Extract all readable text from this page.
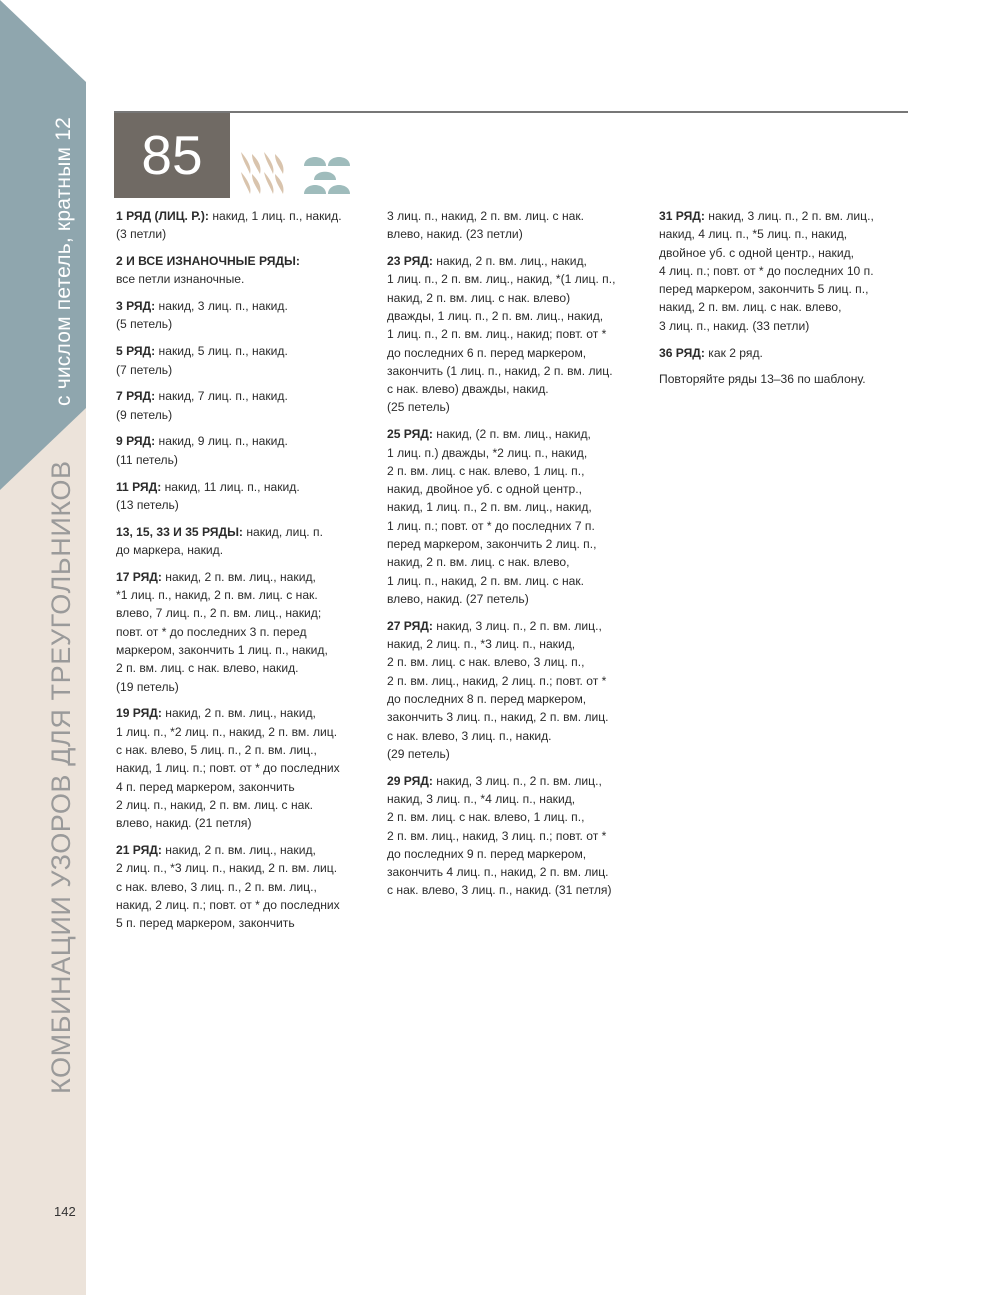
с числом петель, кратным 12
КОМБИНАЦИИ УЗОРОВ ДЛЯ ТРЕУГОЛЬНИКОВ
142
85

1 РЯД (ЛИЦ. Р.): накид, 1 лиц. п., накид.
(3 петли)

2 И ВСЕ ИЗНАНОЧНЫЕ РЯДЫ:
все петли изнаночные.

3 РЯД: накид, 3 лиц. п., накид.
(5 петель)

5 РЯД: накид, 5 лиц. п., накид.
(7 петель)

7 РЯД: накид, 7 лиц. п., накид.
(9 петель)

9 РЯД: накид, 9 лиц. п., накид.
(11 петель)

11 РЯД: накид, 11 лиц. п., накид.
(13 петель)

13, 15, 33 И 35 РЯДЫ: накид, лиц. п.
до маркера, накид.

17 РЯД: накид, 2 п. вм. лиц., накид,
*1 лиц. п., накид, 2 п. вм. лиц. с нак.
влево, 7 лиц. п., 2 п. вм. лиц., накид;
повт. от * до последних 3 п. перед
маркером, закончить 1 лиц. п., накид,
2 п. вм. лиц. с нак. влево, накид.
(19 петель)

19 РЯД: накид, 2 п. вм. лиц., накид,
1 лиц. п., *2 лиц. п., накид, 2 п. вм. лиц.
с нак. влево, 5 лиц. п., 2 п. вм. лиц.,
накид, 1 лиц. п.; повт. от * до последних
4 п. перед маркером, закончить
2 лиц. п., накид, 2 п. вм. лиц. с нак.
влево, накид. (21 петля)

21 РЯД: накид, 2 п. вм. лиц., накид,
2 лиц. п., *3 лиц. п., накид, 2 п. вм. лиц.
с нак. влево, 3 лиц. п., 2 п. вм. лиц.,
накид, 2 лиц. п.; повт. от * до последних
5 п. перед маркером, закончить

3 лиц. п., накид, 2 п. вм. лиц. с нак.
влево, накид. (23 петли)

23 РЯД: накид, 2 п. вм. лиц., накид,
1 лиц. п., 2 п. вм. лиц., накид, *(1 лиц. п.,
накид, 2 п. вм. лиц. с нак. влево)
дважды, 1 лиц. п., 2 п. вм. лиц., накид,
1 лиц. п., 2 п. вм. лиц., накид; повт. от *
до последних 6 п. перед маркером,
закончить (1 лиц. п., накид, 2 п. вм. лиц.
с нак. влево) дважды, накид.
(25 петель)

25 РЯД: накид, (2 п. вм. лиц., накид,
1 лиц. п.) дважды, *2 лиц. п., накид,
2 п. вм. лиц. с нак. влево, 1 лиц. п.,
накид, двойное уб. с одной центр.,
накид, 1 лиц. п., 2 п. вм. лиц., накид,
1 лиц. п.; повт. от * до последних 7 п.
перед маркером, закончить 2 лиц. п.,
накид, 2 п. вм. лиц. с нак. влево,
1 лиц. п., накид, 2 п. вм. лиц. с нак.
влево, накид. (27 петель)

27 РЯД: накид, 3 лиц. п., 2 п. вм. лиц.,
накид, 2 лиц. п., *3 лиц. п., накид,
2 п. вм. лиц. с нак. влево, 3 лиц. п.,
2 п. вм. лиц., накид, 2 лиц. п.; повт. от *
до последних 8 п. перед маркером,
закончить 3 лиц. п., накид, 2 п. вм. лиц.
с нак. влево, 3 лиц. п., накид.
(29 петель)

29 РЯД: накид, 3 лиц. п., 2 п. вм. лиц.,
накид, 3 лиц. п., *4 лиц. п., накид,
2 п. вм. лиц. с нак. влево, 1 лиц. п.,
2 п. вм. лиц., накид, 3 лиц. п.; повт. от *
до последних 9 п. перед маркером,
закончить 4 лиц. п., накид, 2 п. вм. лиц.
с нак. влево, 3 лиц. п., накид. (31 петля)

31 РЯД: накид, 3 лиц. п., 2 п. вм. лиц.,
накид, 4 лиц. п., *5 лиц. п., накид,
двойное уб. с одной центр., накид,
4 лиц. п.; повт. от * до последних 10 п.
перед маркером, закончить 5 лиц. п.,
накид, 2 п. вм. лиц. с нак. влево,
3 лиц. п., накид. (33 петли)

36 РЯД: как 2 ряд.

Повторяйте ряды 13–36 по шаблону.
